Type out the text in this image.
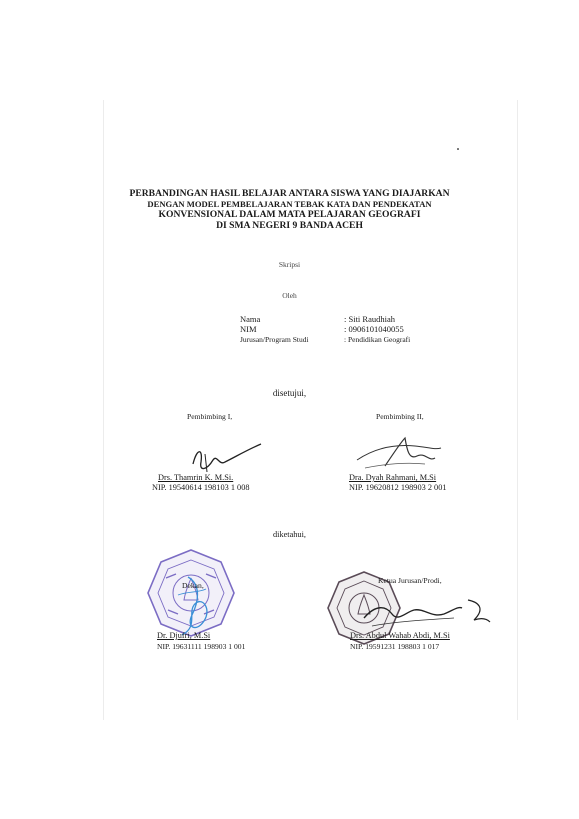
PERBANDINGAN HASIL BELAJAR ANTARA SISWA YANG DIAJARKAN
DENGAN MODEL PEMBELAJARAN TEBAK KATA DAN PENDEKATAN
KONVENSIONAL DALAM MATA PELAJARAN GEOGRAFI
DI SMA NEGERI 9 BANDA ACEH
Skripsi
Oleh
Nama	: Siti Raudhiah
NIM	: 0906101040055
Jurusan/Program Studi	: Pendidikan Geografi
disetujui,
Pembimbing I,	Pembimbing II,
Drs. Thamrin K. M.Si.
NIP. 19540614 198103 1 008
Dra. Dyah Rahmani, M.Si
NIP. 19620812 198903 2 001
diketahui,
Dekan,
Dr. Djufri, M.Si
NIP. 19631111 198903 1 001
Ketua Jurusan/Prodi,
Drs. Abdul Wahab Abdi, M.Si
NIP. 19591231 198803 1 017
